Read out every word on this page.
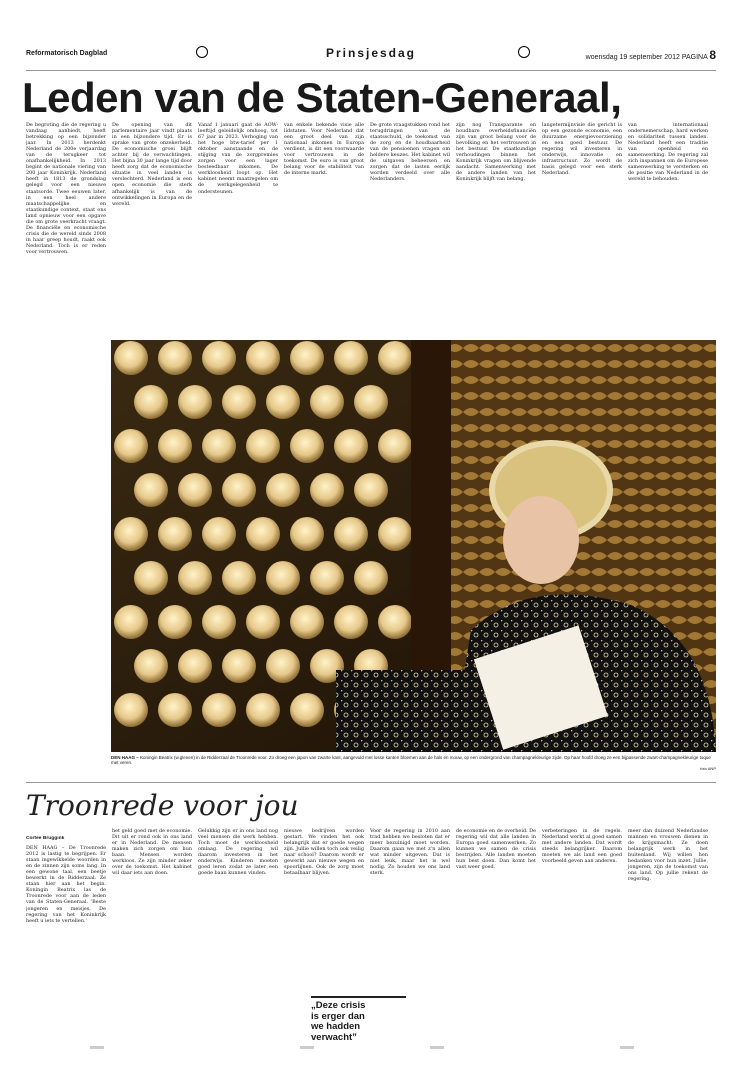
Reformatorisch Dagblad	Prinsjesdag	woensdag 19 september 2012 PAGINA 8
Leden van de Staten-Generaal,
De begroting die de regering u vandaag aanbiedt, heeft betrekking op een bijzonder jaar. In 2013 herdenkt Nederland de 200e verjaardag van de terugkeer tot onafhankelijkheid. In 2013 begint de nationale viering van 200 jaar Koninkrijk. Nederland heeft in 1813 de grondslag gelegd voor een nieuwe staatsorde. Twee eeuwen later, in een heel andere maatschappelijke en staatkundige context, staat ons land opnieuw voor een opgave die om grote veerkracht vraagt. De financiële en economische crisis die de wereld sinds 2008 in haar greep houdt, raakt ook Nederland. Toch is er reden voor vertrouwen.
De opening van dit parlementaire jaar vindt plaats in een bijzondere tijd. Er is sprake van grote onzekerheid. De economische groei blijft achter bij de verwachtingen. Het bijna 30 jaar lange tijd door heeft zorg dat de economische situatie in veel landen is verslechterd. Nederland is een open economie die sterk afhankelijk is van de ontwikkelingen in Europa en de wereld.
Vanaf 1 januari gaat de AOW-leeftijd geleidelijk omhoog, tot 67 jaar in 2023. Verhoging van het hoge btw-tarief per 1 oktober aanstaande en de stijging van de zorgpremies zorgen voor een lager besteedbaar inkomen. De werkloosheid loopt op. Het kabinet neemt maatregelen om de werkgelegenheid te ondersteunen.
van enkele bekende visie alle lidstaten. Voor Nederland dat een groot deel van zijn nationaal inkomen in Europa verdient, is dit een voorwaarde voor vertrouwen in de toekomst. De euro is van groot belang voor de stabiliteit van de interne markt.
De grote vraagstukken rond het terugdringen van de staatsschuld, de toekomst van de zorg en de houdbaarheid van de pensioenen vragen om heldere keuzes. Het kabinet wil de uitgaven beheersen en zorgen dat de lasten eerlijk worden verdeeld over alle Nederlanders.
zijn nog Transparante en houdbare overheidsfinanciën zijn van groot belang voor de bevolking en het vertrouwen in het bestuur. De staatkundige verhoudingen binnen het Koninkrijk vragen om blijvende aandacht. Samenwerking met de andere landen van het Koninkrijk blijft van belang.
langetermijnvisie die gericht is op een gezonde economie, een duurzame energievoorziening en een goed bestuur. De regering wil investeren in onderwijs, innovatie en infrastructuur. Zo wordt de basis gelegd voor een sterk Nederland.
van internationaal ondernemerschap, hard werken en solidariteit tussen landen. Nederland heeft een traditie van openheid en samenwerking. De regering zal zich inspannen om de Europese samenwerking te versterken en de positie van Nederland in de wereld te behouden.
DEN HAAG – Koningin Beatrix (w.glenen) in de Ridderzaal de Troonrede voor. Zo droeg een japon van zwarte kant, aangevuld met losse kanten bloemen aan de hals en mouw, op een ondergrond van champagnekleurige zijde. Op haar hoofd droeg ze een bijpassende zwart-champagnekleurige toque met veren.
foto ANP
Troonrede voor jou
Cortee Bruggink
DEN HAAG – De Troonrede 2012 is lastig te begrijpen. Er staan ingewikkelde woorden in en de zinnen zijn soms lang. In een gewone taal, een beetje bewerkt in de Ridderzaal. Ze staan hier aan het begin. Koningin Beatrix las de Troonrede voor aan de leden van de Staten-Generaal. ‘Beste jongeren en meisjes, De regering van het Koninkrijk heeft u iets te vertellen.’
het geld goed met de economie. Dit uit er rond ook in ons land er in Nederland. De mensen maken zich zorgen om hun baan. Mensen worden werkloos. Ze zijn minder zeker over de toekomst. Het kabinet wil daar iets aan doen.
Gelukkig zijn er in ons land nog veel mensen die werk hebben. Toch moet de werkloosheid omlaag. De regering wil daarom investeren in het onderwijs. Kinderen moeten goed leren zodat ze later een goede baan kunnen vinden.
nieuwe bedrijven worden gestart. We vinden het ook belangrijk dat er goede wegen zijn. Jullie willen toch ook veilig naar school? Daarom wordt er gewerkt aan nieuwe wegen en spoorlijnen. Ook de zorg moet betaalbaar blijven.
Voor de regering in 2010 aan trad hebben we besloten dat er meer bezuinigd moet worden. Daarom gaan we met z’n allen wat minder uitgeven. Dat is niet leuk, maar het is wel nodig. Zo houden we ons land sterk.
de economie en de overheid. De regering wil dat alle landen in Europa goed samenwerken. Zo kunnen we samen de crisis bestrijden. Alle landen moeten hun best doen. Dan komt het vast weer goed.
verbeteringen in de regels. Nederland werkt al goed samen met andere landen. Dat wordt steeds belangrijker. Daarom moeten we als land een goed voorbeeld geven aan anderen.
meer dan duizend Nederlandse mannen en vrouwen dienen in de krijgsmacht. Ze doen belangrijk werk in het buitenland. Wij willen hen bedanken voor hun inzet. Jullie, jongeren, zijn de toekomst van ons land. Op jullie rekent de regering.
„Deze crisis
is erger dan
we hadden
verwacht”
